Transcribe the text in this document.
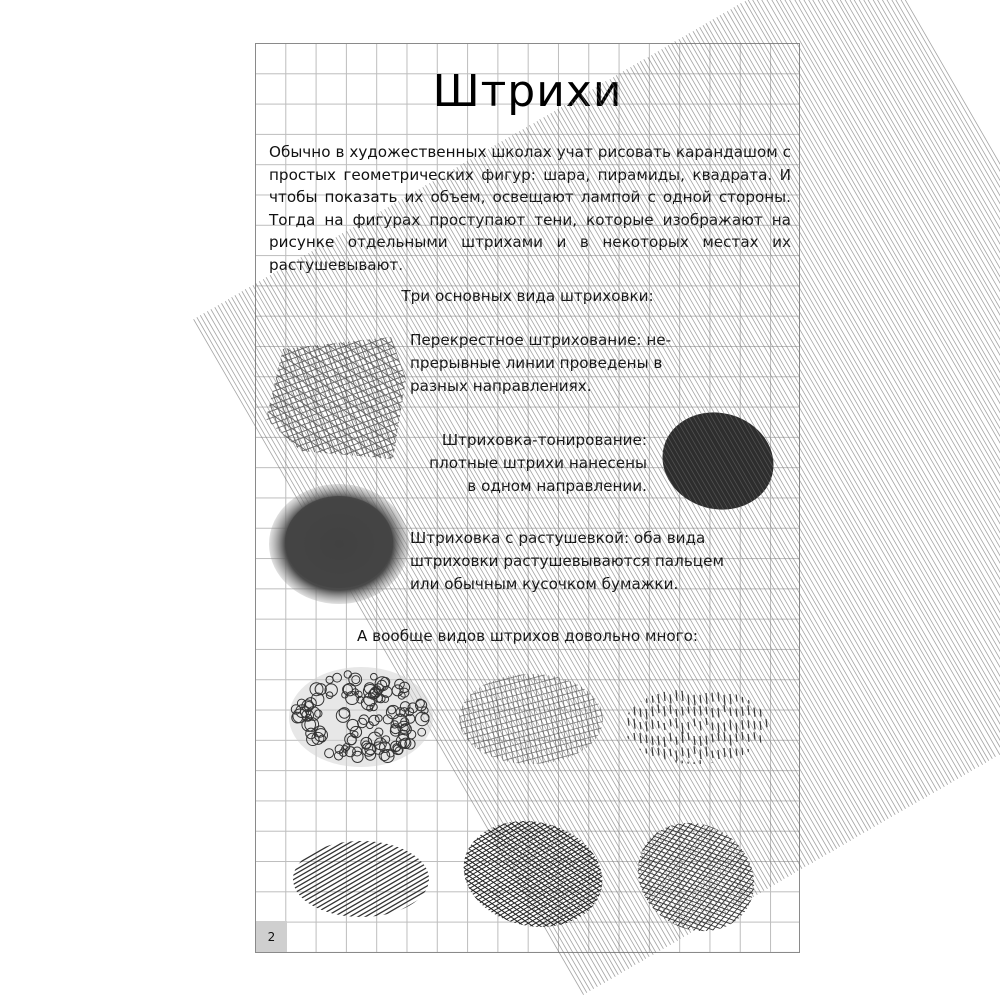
Штрихи
Обычно в художественных учат рисовать карандашом с простых геометрических фигур: шара, пирамиды, квадрата. И чтобы показать объем, освещают лампой с одной стороны. Тогда на фигурах тени, которые изображают на рисунке отдельными штрихами и в некоторых местах растушевывают.
Три основных вида штриховки:
Перекрестное штрихование: не-
прерывные линии проведены в
разных направлениях.
плотные штрихи нанесены
Штриховка с растушевкой: оба вида
штриховки растушевываются пальцем
или обычным кусочком бумажки.
А вообще видов штрихов довольно много:
2
